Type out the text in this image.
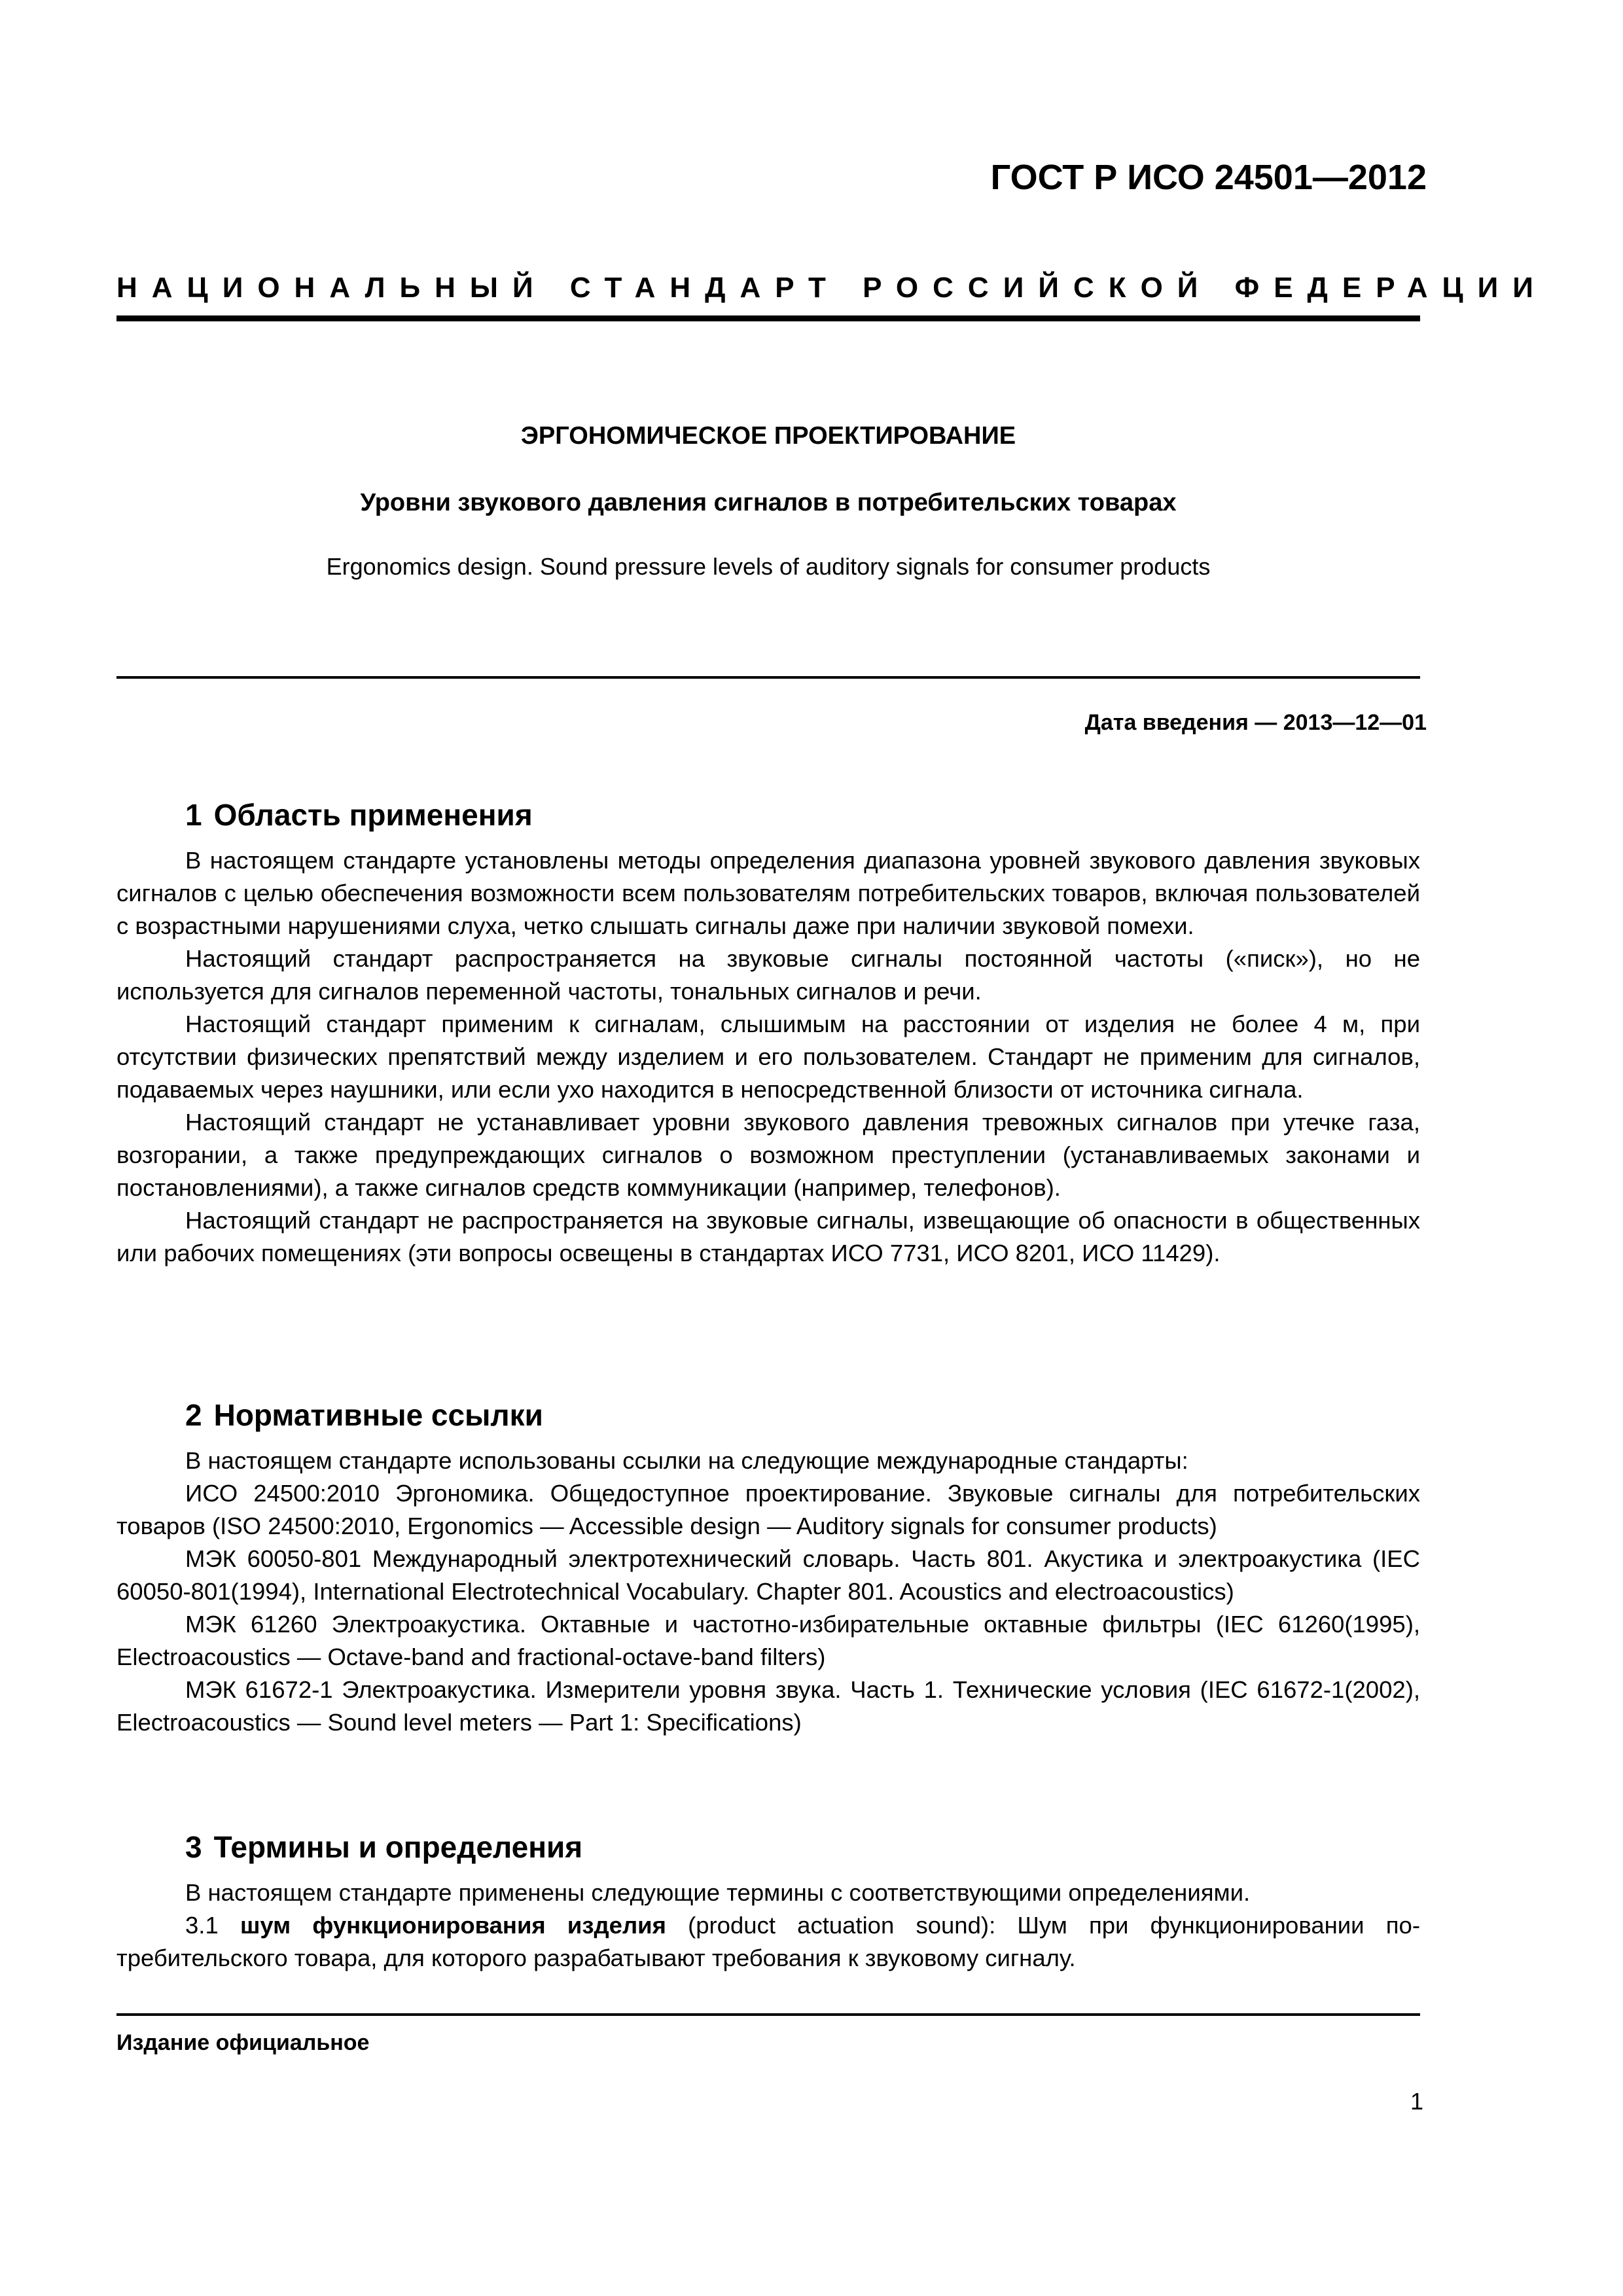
ГОСТ Р ИСО 24501—2012
НАЦИОНАЛЬНЫЙ СТАНДАРТ РОССИЙСКОЙ ФЕДЕРАЦИИ
ЭРГОНОМИЧЕСКОЕ ПРОЕКТИРОВАНИЕ
Уровни звукового давления сигналов в потребительских товарах
Ergonomics design. Sound pressure levels of auditory signals for consumer products
Дата введения — 2013—12—01
1 Область применения

В настоящем стандарте установлены методы определения диапазона уровней звукового давления звуковых сигналов с целью обеспечения возможности всем пользователям потребительских товаров, включая пользователей с возрастными нарушениями слуха, четко слышать сигналы даже при наличии звуковой помехи.

Настоящий стандарт распространяется на звуковые сигналы постоянной частоты («писк»), но не используется для сигналов переменной частоты, тональных сигналов и речи.

Настоящий стандарт применим к сигналам, слышимым на расстоянии от изделия не более 4 м, при отсутствии физических препятствий между изделием и его пользователем. Стандарт не применим для сигналов, подаваемых через наушники, или если ухо находится в непосредственной близости от источника сигнала.

Настоящий стандарт не устанавливает уровни звукового давления тревожных сигналов при утечке газа, возгорании, а также предупреждающих сигналов о возможном преступлении (устанавливаемых законами и постановлениями), а также сигналов средств коммуникации (например, телефонов).

Настоящий стандарт не распространяется на звуковые сигналы, извещающие об опасности в общественных или рабочих помещениях (эти вопросы освещены в стандартах ИСО 7731, ИСО 8201, ИСО 11429).

2 Нормативные ссылки

В настоящем стандарте использованы ссылки на следующие международные стандарты:

ИСО 24500:2010 Эргономика. Общедоступное проектирование. Звуковые сигналы для потребительских товаров (ISO 24500:2010, Ergonomics — Accessible design — Auditory signals for consumer products)

МЭК 60050-801 Международный электротехнический словарь. Часть 801. Акустика и электроакустика (IEC 60050-801(1994), International Electrotechnical Vocabulary. Chapter 801. Acoustics and electroacoustics)

МЭК 61260 Электроакустика. Октавные и частотно-избирательные октавные фильтры (IEC 61260(1995), Electroacoustics — Octave-band and fractional-octave-band filters)

МЭК 61672-1 Электроакустика. Измерители уровня звука. Часть 1. Технические условия (IEC 61672-1(2002), Electroacoustics — Sound level meters — Part 1: Specifications)

3 Термины и определения

В настоящем стандарте применены следующие термины с соответствующими определениями.

3.1 шум функционирования изделия (product actuation sound): Шум при функционировании потребительского товара, для которого разрабатывают требования к звуковому сигналу.

Издание официальное
1
